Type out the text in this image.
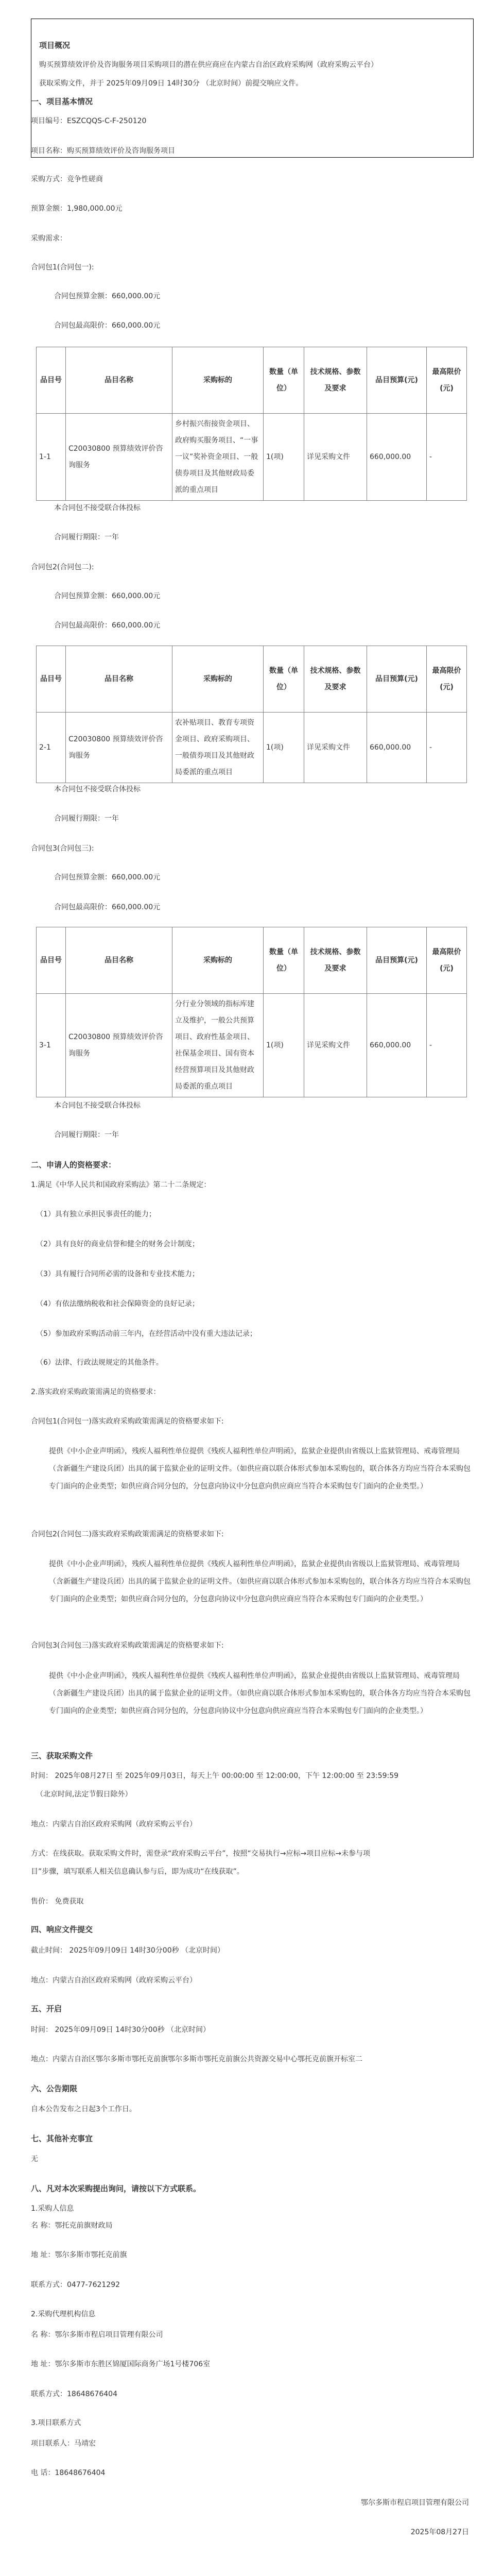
项目概况
购买预算绩效评价及咨询服务项目采购项目的潜在供应商应在内蒙古自治区政府采购网（政府采购云平台）
获取采购文件，并于 2025年09月09日 14时30分 （北京时间）前提交响应文件。
一、项目基本情况
项目编号：ESZCQQS-C-F-250120
项目名称：购买预算绩效评价及咨询服务项目
采购方式：竞争性磋商
预算金额：1,980,000.00元
采购需求：
合同包1(合同包一):
合同包预算金额：660,000.00元
合同包最高限价：660,000.00元
品目号	品目名称	采购标的	数量（单位）	技术规格、参数及要求	品目预算(元)	最高限价(元)
1-1	C20030800 预算绩效评价咨询服务	乡村振兴衔接资金项目、政府购买服务项目、“一事一议”奖补资金项目、一般债券项目及其他财政局委派的重点项目	1(项)	详见采购文件	660,000.00	-
本合同包不接受联合体投标
合同履行期限：一年
合同包2(合同包二):
合同包预算金额：660,000.00元
合同包最高限价：660,000.00元
品目号	品目名称	采购标的	数量（单位）	技术规格、参数及要求	品目预算(元)	最高限价(元)
2-1	C20030800 预算绩效评价咨询服务	农补贴项目、教育专项资金项目、政府采购项目、一般债券项目及其他财政局委派的重点项目	1(项)	详见采购文件	660,000.00	-
本合同包不接受联合体投标
合同履行期限：一年
合同包3(合同包三):
合同包预算金额：660,000.00元
合同包最高限价：660,000.00元
品目号	品目名称	采购标的	数量（单位）	技术规格、参数及要求	品目预算(元)	最高限价(元)
3-1	C20030800 预算绩效评价咨询服务	分行业分领域的指标库建立及维护，一般公共预算项目、政府性基金项目、社保基金项目、国有资本经营预算项目及其他财政局委派的重点项目	1(项)	详见采购文件	660,000.00	-
本合同包不接受联合体投标
合同履行期限：一年
二、申请人的资格要求：
1.满足《中华人民共和国政府采购法》第二十二条规定：
（1）具有独立承担民事责任的能力；
（2）具有良好的商业信誉和健全的财务会计制度；
（3）具有履行合同所必需的设备和专业技术能力；
（4）有依法缴纳税收和社会保障资金的良好记录；
（5）参加政府采购活动前三年内，在经营活动中没有重大违法记录；
（6）法律、行政法规规定的其他条件。
2.落实政府采购政策需满足的资格要求：
合同包1(合同包一)落实政府采购政策需满足的资格要求如下:
提供《中小企业声明函》，残疾人福利性单位提供《残疾人福利性单位声明函》，监狱企业提供由省级以上监狱管理局、戒毒管理局（含新疆生产建设兵团）出具的属于监狱企业的证明文件。（如供应商以联合体形式参加本采购包的，联合体各方均应当符合本采购包专门面向的企业类型；如供应商合同分包的，分包意向协议中分包意向供应商应当符合本采购包专门面向的企业类型。）
合同包2(合同包二)落实政府采购政策需满足的资格要求如下:
提供《中小企业声明函》，残疾人福利性单位提供《残疾人福利性单位声明函》，监狱企业提供由省级以上监狱管理局、戒毒管理局（含新疆生产建设兵团）出具的属于监狱企业的证明文件。（如供应商以联合体形式参加本采购包的，联合体各方均应当符合本采购包专门面向的企业类型；如供应商合同分包的，分包意向协议中分包意向供应商应当符合本采购包专门面向的企业类型。）
合同包3(合同包三)落实政府采购政策需满足的资格要求如下:
提供《中小企业声明函》，残疾人福利性单位提供《残疾人福利性单位声明函》，监狱企业提供由省级以上监狱管理局、戒毒管理局（含新疆生产建设兵团）出具的属于监狱企业的证明文件。（如供应商以联合体形式参加本采购包的，联合体各方均应当符合本采购包专门面向的企业类型；如供应商合同分包的，分包意向协议中分包意向供应商应当符合本采购包专门面向的企业类型。）
三、获取采购文件
时间： 2025年08月27日 至 2025年09月03日，每天上午 00:00:00 至 12:00:00，下午 12:00:00 至 23:59:59
（北京时间,法定节假日除外）
地点：内蒙古自治区政府采购网（政府采购云平台）
方式：在线获取。获取采购文件时，需登录“政府采购云平台”，按照“交易执行→应标→项目应标→未参与项
目”步骤，填写联系人相关信息确认参与后，即为成功“在线获取”。
售价： 免费获取
四、响应文件提交
截止时间： 2025年09月09日 14时30分00秒 （北京时间）
地点：内蒙古自治区政府采购网（政府采购云平台）
五、开启
时间： 2025年09月09日 14时30分00秒 （北京时间）
地点：内蒙古自治区鄂尔多斯市鄂托克前旗鄂尔多斯市鄂托克前旗公共资源交易中心鄂托克前旗开标室二
六、公告期限
自本公告发布之日起3个工作日。
七、其他补充事宜
无
八、凡对本次采购提出询问，请按以下方式联系。
1.采购人信息
名 称：鄂托克前旗财政局
地 址：鄂尔多斯市鄂托克前旗
联系方式：0477-7621292
2.采购代理机构信息
名 称：鄂尔多斯市程启项目管理有限公司
地 址：鄂尔多斯市东胜区锦厦国际商务广场1号楼706室
联系方式：18648676404
3.项目联系方式
项目联系人：马靖宏
电 话：18648676404
鄂尔多斯市程启项目管理有限公司
2025年08月27日
